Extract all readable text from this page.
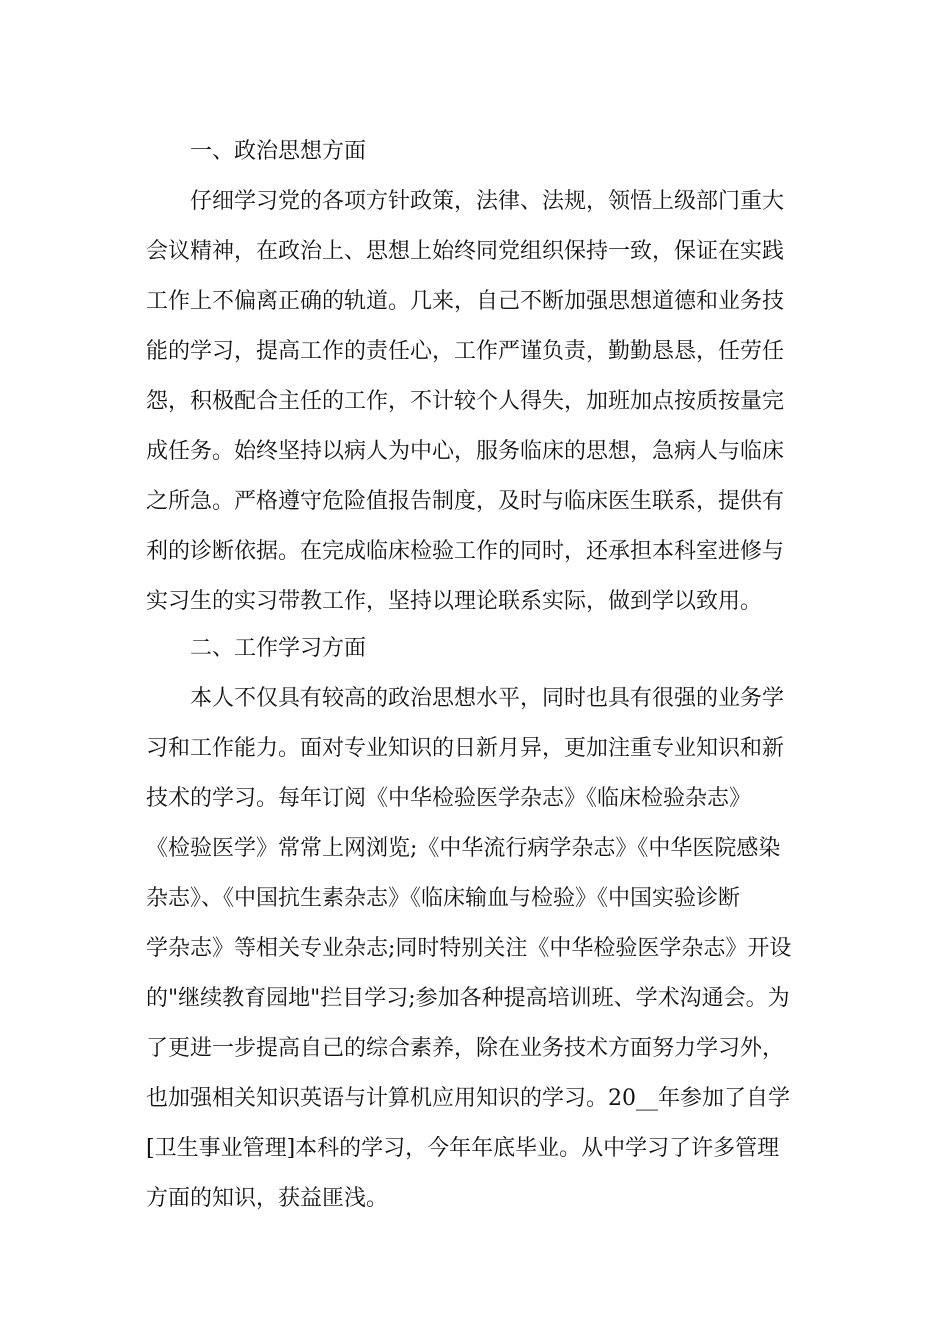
一、政治思想方面

仔细学习党的各项方针政策，法律、法规，领悟上级部门重大

会议精神，在政治上、思想上始终同党组织保持一致，保证在实践

工作上不偏离正确的轨道。几来，自己不断加强思想道德和业务技

能的学习，提高工作的责任心，工作严谨负责，勤勤恳恳，任劳任

怨，积极配合主任的工作，不计较个人得失，加班加点按质按量完

成任务。始终坚持以病人为中心，服务临床的思想，急病人与临床

之所急。严格遵守危险值报告制度，及时与临床医生联系，提供有

利的诊断依据。在完成临床检验工作的同时，还承担本科室进修与

实习生的实习带教工作，坚持以理论联系实际，做到学以致用。

二、工作学习方面

本人不仅具有较高的政治思想水平，同时也具有很强的业务学

习和工作能力。面对专业知识的日新月异，更加注重专业知识和新

技术的学习。每年订阅《中华检验医学杂志》《临床检验杂志》

《检验医学》常常上网浏览;《中华流行病学杂志》《中华医院感染

杂志》、《中国抗生素杂志》《临床输血与检验》《中国实验诊断

学杂志》等相关专业杂志;同时特别关注《中华检验医学杂志》开设

的"继续教育园地"拦目学习;参加各种提高培训班、学术沟通会。为

了更进一步提高自己的综合素养，除在业务技术方面努力学习外，

也加强相关知识英语与计算机应用知识的学习。20__年参加了自学

[卫生事业管理]本科的学习，今年年底毕业。从中学习了许多管理

方面的知识，获益匪浅。
